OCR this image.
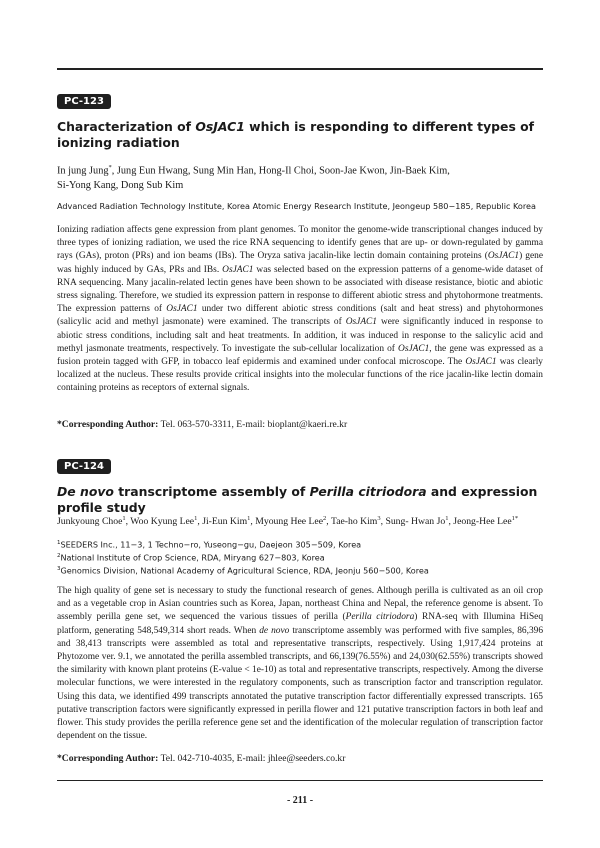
PC-123
Characterization of OsJAC1 which is responding to different types of ionizing radiation
In jung Jung*, Jung Eun Hwang, Sung Min Han, Hong-Il Choi, Soon-Jae Kwon, Jin-Baek Kim,
Si-Yong Kang, Dong Sub Kim
Advanced Radiation Technology Institute, Korea Atomic Energy Research Institute, Jeongeup 580−185, Republic Korea
Ionizing radiation affects gene expression from plant genomes. To monitor the genome-wide transcriptional changes induced by three types of ionizing radiation, we used the rice RNA sequencing to identify genes that are up- or down-regulated by gamma rays (GAs), proton (PRs) and ion beams (IBs). The Oryza sativa jacalin-like lectin domain containing proteins (OsJAC1) gene was highly induced by GAs, PRs and IBs. OsJAC1 was selected based on the expression patterns of a genome-wide dataset of RNA sequencing. Many jacalin-related lectin genes have been shown to be associated with disease resistance, biotic and abiotic stress signaling. Therefore, we studied its expression pattern in response to different abiotic stress and phytohormone treatments. The expression patterns of OsJAC1 under two different abiotic stress conditions (salt and heat stress) and phytohormones (salicylic acid and methyl jasmonate) were examined. The transcripts of OsJAC1 were significantly induced in response to abiotic stress conditions, including salt and heat treatments. In addition, it was induced in response to the salicylic acid and methyl jasmonate treatments, respectively. To investigate the sub-cellular localization of OsJAC1, the gene was expressed as a fusion protein tagged with GFP, in tobacco leaf epidermis and examined under confocal microscope. The OsJAC1 was clearly localized at the nucleus. These results provide critical insights into the molecular functions of the rice jacalin-like lectin domain containing proteins as receptors of external signals.
*Corresponding Author: Tel. 063-570-3311, E-mail: bioplant@kaeri.re.kr
PC-124
De novo transcriptome assembly of Perilla citriodora and expression profile study
Junkyoung Choe$^1$, Woo Kyung Lee$^1$, Ji-Eun Kim$^1$, Myoung Hee Lee$^2$, Tae-ho Kim$^3$, Sung- Hwan Jo$^1$, Jeong-Hee Lee$^{1*}$
$^1$SEEDERS Inc., 11−3, 1 Techno−ro, Yuseong−gu, Daejeon 305−509, Korea
$^2$National Institute of Crop Science, RDA, Miryang 627−803, Korea
$^3$Genomics Division, National Academy of Agricultural Science, RDA, Jeonju 560−500, Korea
The high quality of gene set is necessary to study the functional research of genes. Although perilla is cultivated as an oil crop and as a vegetable crop in Asian countries such as Korea, Japan, northeast China and Nepal, the reference genome is absent. To assembly perilla gene set, we sequenced the various tissues of perilla (Perilla citriodora) RNA-seq with Illumina HiSeq platform, generating 548,549,314 short reads. When de novo transcriptome assembly was performed with five samples, 86,396 and 38,413 transcripts were assembled as total and representative transcripts, respectively. Using 1,917,424 proteins at Phytozome ver. 9.1, we annotated the perilla assembled transcripts, and 66,139(76.55%) and 24,030(62.55%) transcripts showed the similarity with known plant proteins (E-value < 1e-10) as total and representative transcripts, respectively. Among the diverse molecular functions, we were interested in the regulatory components, such as transcription factor and transcription regulator. Using this data, we identified 499 transcripts annotated the putative transcription factor differentially expressed transcripts. 165 putative transcription factors were significantly expressed in perilla flower and 121 putative transcription factors in both leaf and flower. This study provides the perilla reference gene set and the identification of the molecular regulation of transcription factor dependent on the tissue.
*Corresponding Author: Tel. 042-710-4035, E-mail: jhlee@seeders.co.kr
- 211 -
